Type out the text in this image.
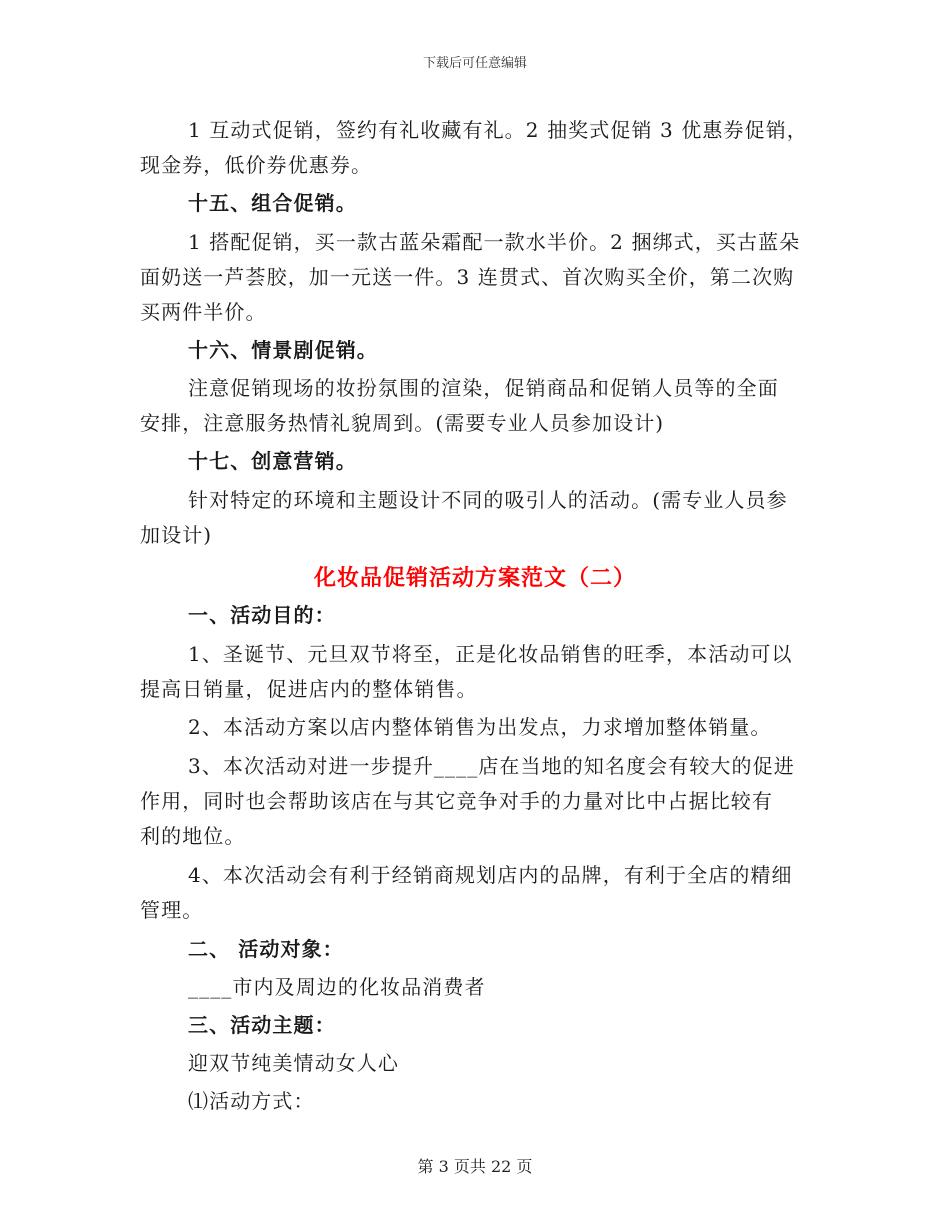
下载后可任意编辑
1 互动式促销，签约有礼收藏有礼。2 抽奖式促销 3 优惠券促销，
现金券，低价券优惠券。
十五、组合促销。
1 搭配促销，买一款古蓝朵霜配一款水半价。2 捆绑式，买古蓝朵
面奶送一芦荟胶，加一元送一件。3 连贯式、首次购买全价，第二次购
买两件半价。
十六、情景剧促销。
注意促销现场的妆扮氛围的渲染，促销商品和促销人员等的全面
安排，注意服务热情礼貌周到。(需要专业人员参加设计)
十七、创意营销。
针对特定的环境和主题设计不同的吸引人的活动。(需专业人员参
加设计)
化妆品促销活动方案范文（二）
一、活动目的：
1、圣诞节、元旦双节将至，正是化妆品销售的旺季，本活动可以
提高日销量，促进店内的整体销售。
2、本活动方案以店内整体销售为出发点，力求增加整体销量。
3、本次活动对进一步提升____店在当地的知名度会有较大的促进
作用，同时也会帮助该店在与其它竞争对手的力量对比中占据比较有
利的地位。
4、本次活动会有利于经销商规划店内的品牌，有利于全店的精细
管理。
二、 活动对象：
____市内及周边的化妆品消费者
三、活动主题：
迎双节纯美情动女人心
⑴活动方式：
第 3 页共 22 页
